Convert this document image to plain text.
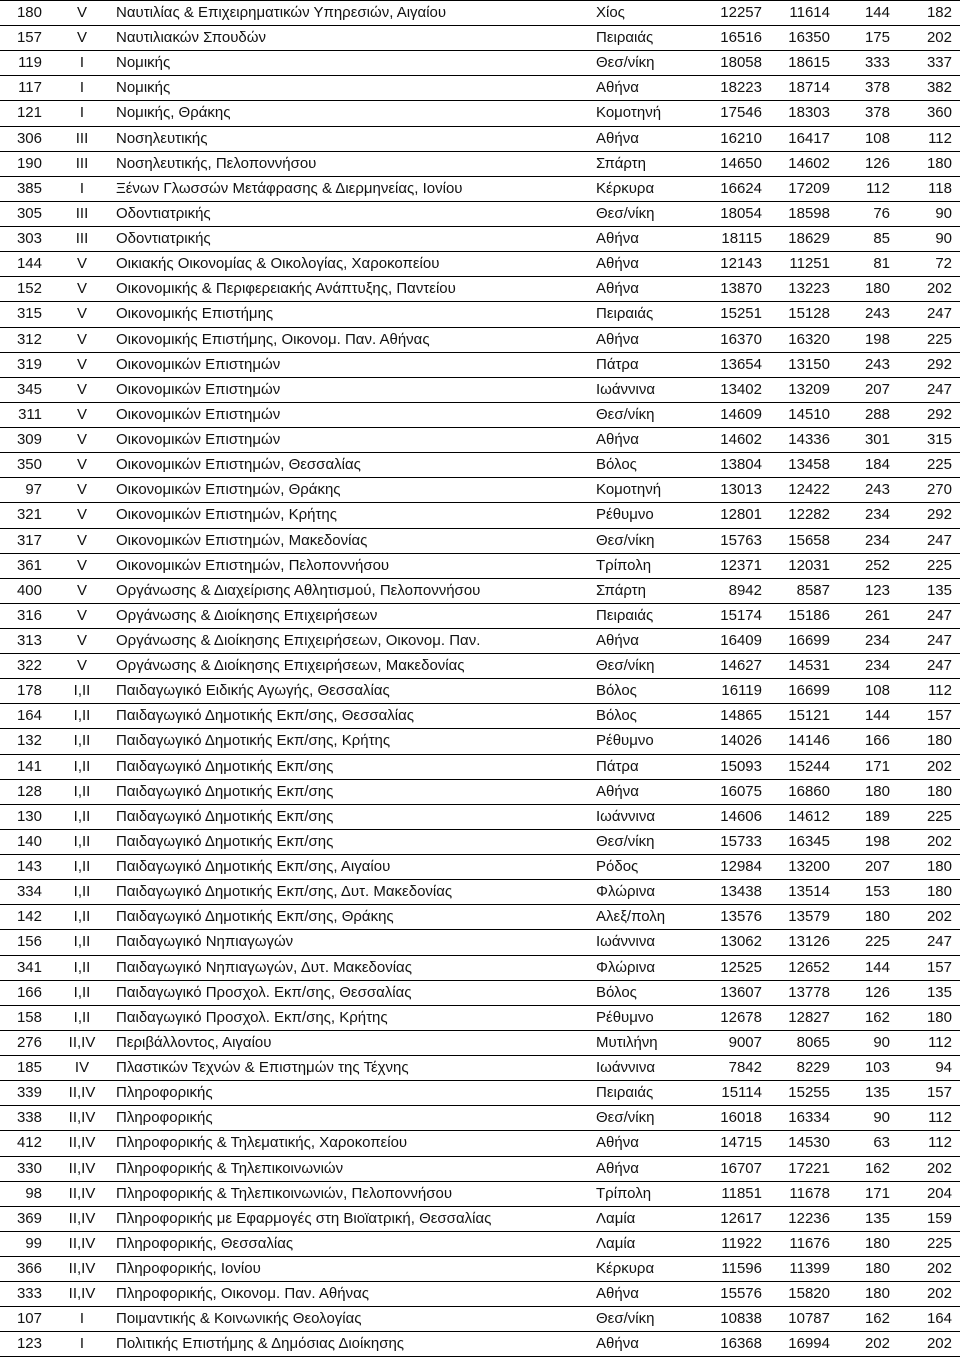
180	V	Ναυτιλίας & Επιχειρηματικών Υπηρεσιών, Αιγαίου	Χίος	12257	11614	144	182
157	V	Ναυτιλιακών Σπουδών	Πειραιάς	16516	16350	175	202
119	I	Νομικής	Θεσ/νίκη	18058	18615	333	337
117	I	Νομικής	Αθήνα	18223	18714	378	382
121	I	Νομικής, Θράκης	Κομοτηνή	17546	18303	378	360
306	III	Νοσηλευτικής	Αθήνα	16210	16417	108	112
190	III	Νοσηλευτικής, Πελοποννήσου	Σπάρτη	14650	14602	126	180
385	I	Ξένων Γλωσσών Μετάφρασης & Διερμηνείας, Ιονίου	Κέρκυρα	16624	17209	112	118
305	III	Οδοντιατρικής	Θεσ/νίκη	18054	18598	76	90
303	III	Οδοντιατρικής	Αθήνα	18115	18629	85	90
144	V	Οικιακής Οικονομίας & Οικολογίας, Χαροκοπείου	Αθήνα	12143	11251	81	72
152	V	Οικονομικής & Περιφερειακής Ανάπτυξης, Παντείου	Αθήνα	13870	13223	180	202
315	V	Οικονομικής Επιστήμης	Πειραιάς	15251	15128	243	247
312	V	Οικονομικής Επιστήμης, Οικονομ. Παν. Αθήνας	Αθήνα	16370	16320	198	225
319	V	Οικονομικών Επιστημών	Πάτρα	13654	13150	243	292
345	V	Οικονομικών Επιστημών	Ιωάννινα	13402	13209	207	247
311	V	Οικονομικών Επιστημών	Θεσ/νίκη	14609	14510	288	292
309	V	Οικονομικών Επιστημών	Αθήνα	14602	14336	301	315
350	V	Οικονομικών Επιστημών, Θεσσαλίας	Βόλος	13804	13458	184	225
97	V	Οικονομικών Επιστημών, Θράκης	Κομοτηνή	13013	12422	243	270
321	V	Οικονομικών Επιστημών, Κρήτης	Ρέθυμνο	12801	12282	234	292
317	V	Οικονομικών Επιστημών, Μακεδονίας	Θεσ/νίκη	15763	15658	234	247
361	V	Οικονομικών Επιστημών, Πελοποννήσου	Τρίπολη	12371	12031	252	225
400	V	Οργάνωσης & Διαχείρισης Αθλητισμού, Πελοποννήσου	Σπάρτη	8942	8587	123	135
316	V	Οργάνωσης & Διοίκησης Επιχειρήσεων	Πειραιάς	15174	15186	261	247
313	V	Οργάνωσης & Διοίκησης Επιχειρήσεων, Οικονομ. Παν.	Αθήνα	16409	16699	234	247
322	V	Οργάνωσης & Διοίκησης Επιχειρήσεων, Μακεδονίας	Θεσ/νίκη	14627	14531	234	247
178	I,II	Παιδαγωγικό Ειδικής Αγωγής, Θεσσαλίας	Βόλος	16119	16699	108	112
164	I,II	Παιδαγωγικό Δημοτικής Εκπ/σης, Θεσσαλίας	Βόλος	14865	15121	144	157
132	I,II	Παιδαγωγικό Δημοτικής Εκπ/σης, Κρήτης	Ρέθυμνο	14026	14146	166	180
141	I,II	Παιδαγωγικό Δημοτικής Εκπ/σης	Πάτρα	15093	15244	171	202
128	I,II	Παιδαγωγικό Δημοτικής Εκπ/σης	Αθήνα	16075	16860	180	180
130	I,II	Παιδαγωγικό Δημοτικής Εκπ/σης	Ιωάννινα	14606	14612	189	225
140	I,II	Παιδαγωγικό Δημοτικής Εκπ/σης	Θεσ/νίκη	15733	16345	198	202
143	I,II	Παιδαγωγικό Δημοτικής Εκπ/σης, Αιγαίου	Ρόδος	12984	13200	207	180
334	I,II	Παιδαγωγικό Δημοτικής Εκπ/σης, Δυτ. Μακεδονίας	Φλώρινα	13438	13514	153	180
142	I,II	Παιδαγωγικό Δημοτικής Εκπ/σης, Θράκης	Αλεξ/πολη	13576	13579	180	202
156	I,II	Παιδαγωγικό Νηπιαγωγών	Ιωάννινα	13062	13126	225	247
341	I,II	Παιδαγωγικό Νηπιαγωγών, Δυτ. Μακεδονίας	Φλώρινα	12525	12652	144	157
166	I,II	Παιδαγωγικό Προσχολ. Εκπ/σης, Θεσσαλίας	Βόλος	13607	13778	126	135
158	I,II	Παιδαγωγικό Προσχολ. Εκπ/σης, Κρήτης	Ρέθυμνο	12678	12827	162	180
276	II,IV	Περιβάλλοντος, Αιγαίου	Μυτιλήνη	9007	8065	90	112
185	IV	Πλαστικών Τεχνών & Επιστημών της Τέχνης	Ιωάννινα	7842	8229	103	94
339	II,IV	Πληροφορικής	Πειραιάς	15114	15255	135	157
338	II,IV	Πληροφορικής	Θεσ/νίκη	16018	16334	90	112
412	II,IV	Πληροφορικής & Τηλεματικής, Χαροκοπείου	Αθήνα	14715	14530	63	112
330	II,IV	Πληροφορικής & Τηλεπικοινωνιών	Αθήνα	16707	17221	162	202
98	II,IV	Πληροφορικής & Τηλεπικοινωνιών, Πελοποννήσου	Τρίπολη	11851	11678	171	204
369	II,IV	Πληροφορικής με Εφαρμογές στη Βιοϊατρική, Θεσσαλίας	Λαμία	12617	12236	135	159
99	II,IV	Πληροφορικής, Θεσσαλίας	Λαμία	11922	11676	180	225
366	II,IV	Πληροφορικής, Ιονίου	Κέρκυρα	11596	11399	180	202
333	II,IV	Πληροφορικής, Οικονομ. Παν. Αθήνας	Αθήνα	15576	15820	180	202
107	I	Ποιμαντικής & Κοινωνικής Θεολογίας	Θεσ/νίκη	10838	10787	162	164
123	I	Πολιτικής Επιστήμης & Δημόσιας Διοίκησης	Αθήνα	16368	16994	202	202
